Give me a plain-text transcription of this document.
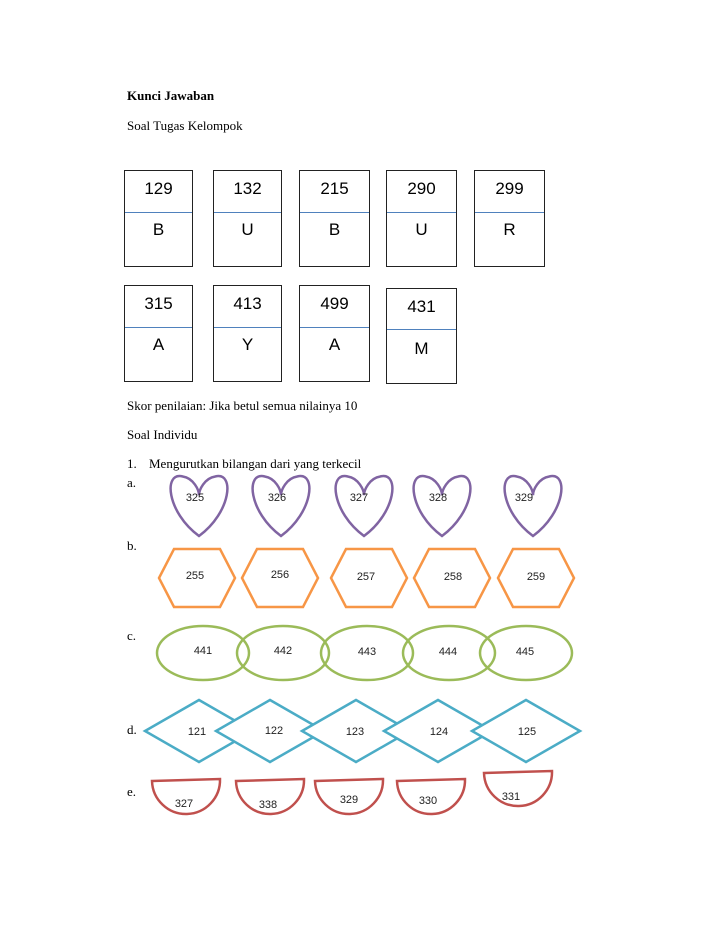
Kunci Jawaban
Soal Tugas Kelompok
129
B
132
U
215
B
290
U
299
R
315
A
413
Y
499
A
431
M
Skor penilaian: Jika betul semua nilainya 10
Soal Individu
1. Mengurutkan bilangan dari yang terkecil
a.
b.
c.
d.
e.
325	326	327	328	329
255	256	257	258	259
441	442	443	444	445
121	122	123	124	125
327	338	329	330	331
